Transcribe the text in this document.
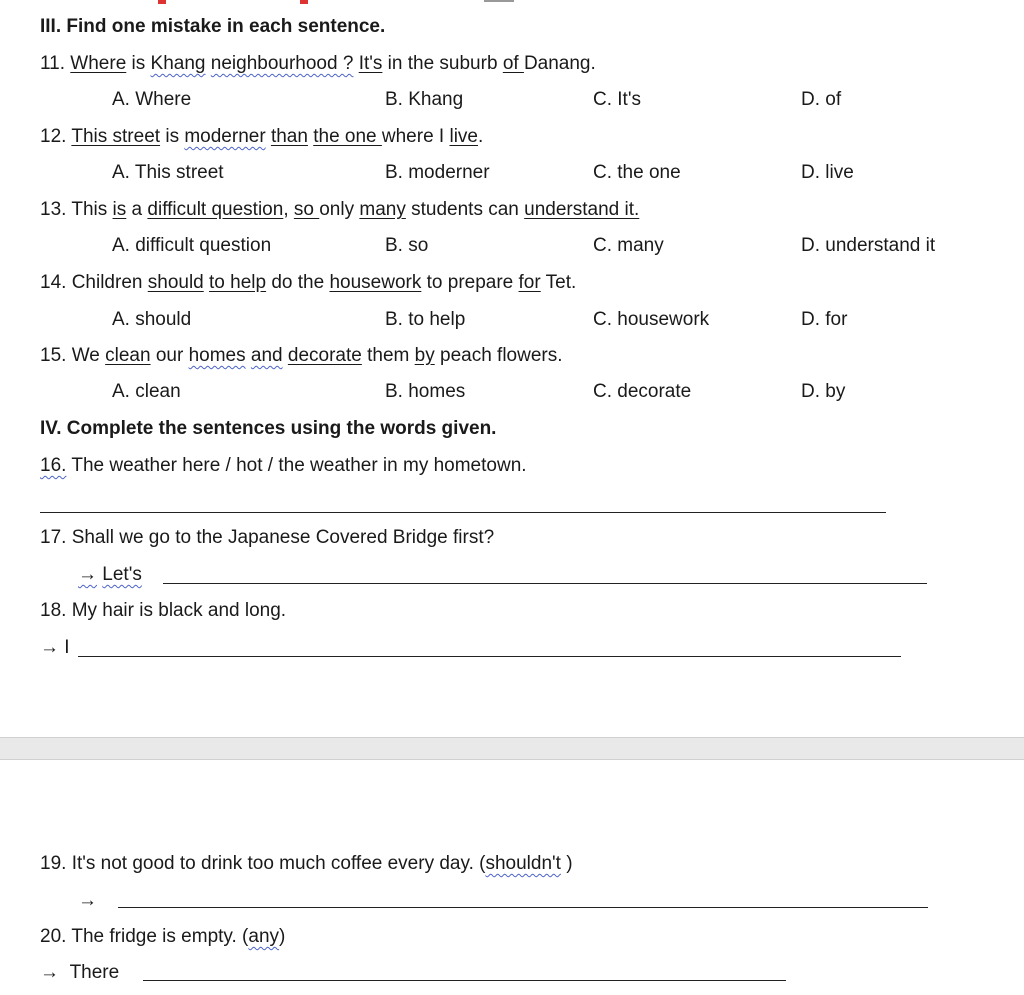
III. Find one mistake in each sentence.
11. Where is Khang neighbourhood ? It's in the suburb of Danang.
A. Where	B. Khang	C. It's	D. of
12. This street is moderner than the one where I live.
A. This street	B. moderner	C. the one	D. live
13. This is a difficult question, so only many students can understand it.
A. difficult question	B. so	C. many	D. understand it
14. Children should to help do the housework to prepare for Tet.
A. should	B. to help	C. housework	D. for
15. We clean our homes and decorate them by peach flowers.
A. clean	B. homes	C. decorate	D. by
IV. Complete the sentences using the words given.
16. The weather here / hot / the weather in my hometown.
17. Shall we go to the Japanese Covered Bridge first?
→ Let's
18. My hair is black and long.
→ I
19. It's not good to drink too much coffee every day. (shouldn't )
→
20. The fridge is empty. (any)
→ There
